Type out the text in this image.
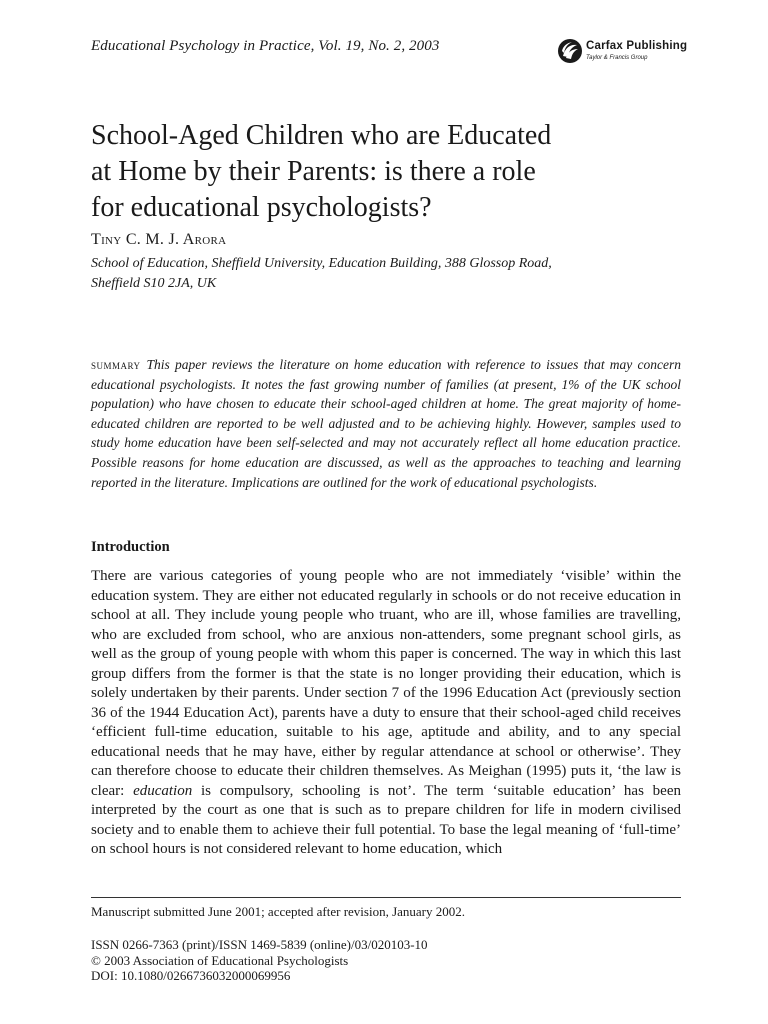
Educational Psychology in Practice, Vol. 19, No. 2, 2003	Carfax Publishing
Taylor & Francis Group
School-Aged Children who are Educated
at Home by their Parents: is there a role
for educational psychologists?
Tiny C. M. J. Arora

School of Education, Sheffield University, Education Building, 388 Glossop Road,
Sheffield S10 2JA, UK

summary This paper reviews the literature on home education with reference to issues that may concern educational psychologists. It notes the fast growing number of families (at present, 1% of the UK school population) who have chosen to educate their school-aged children at home. The great majority of home-educated children are reported to be well adjusted and to be achieving highly. However, samples used to study home education have been self-selected and may not accurately reflect all home education practice. Possible reasons for home education are discussed, as well as the approaches to teaching and learning reported in the literature. Implications are outlined for the work of educational psychologists.

Introduction

There are various categories of young people who are not immediately ‘visible’ within the education system. They are either not educated regularly in schools or do not receive education in school at all. They include young people who truant, who are ill, whose families are travelling, who are excluded from school, who are anxious non-attenders, some pregnant school girls, as well as the group of young people with whom this paper is concerned. The way in which this last group differs from the former is that the state is no longer providing their education, which is solely undertaken by their parents. Under section 7 of the 1996 Education Act (previously section 36 of the 1944 Education Act), parents have a duty to ensure that their school-aged child receives ‘efficient full-time education, suitable to his age, aptitude and ability, and to any special educational needs that he may have, either by regular attendance at school or otherwise’. They can therefore choose to educate their children themselves. As Meighan (1995) puts it, ‘the law is clear: education is compulsory, schooling is not’. The term ‘suitable education’ has been interpreted by the court as one that is such as to prepare children for life in modern civilised society and to enable them to achieve their full potential. To base the legal meaning of ‘full-time’ on school hours is not considered relevant to home education, which

Manuscript submitted June 2001; accepted after revision, January 2002.
ISSN 0266-7363 (print)/ISSN 1469-5839 (online)/03/020103-10
© 2003 Association of Educational Psychologists
DOI: 10.1080/0266736032000069956
